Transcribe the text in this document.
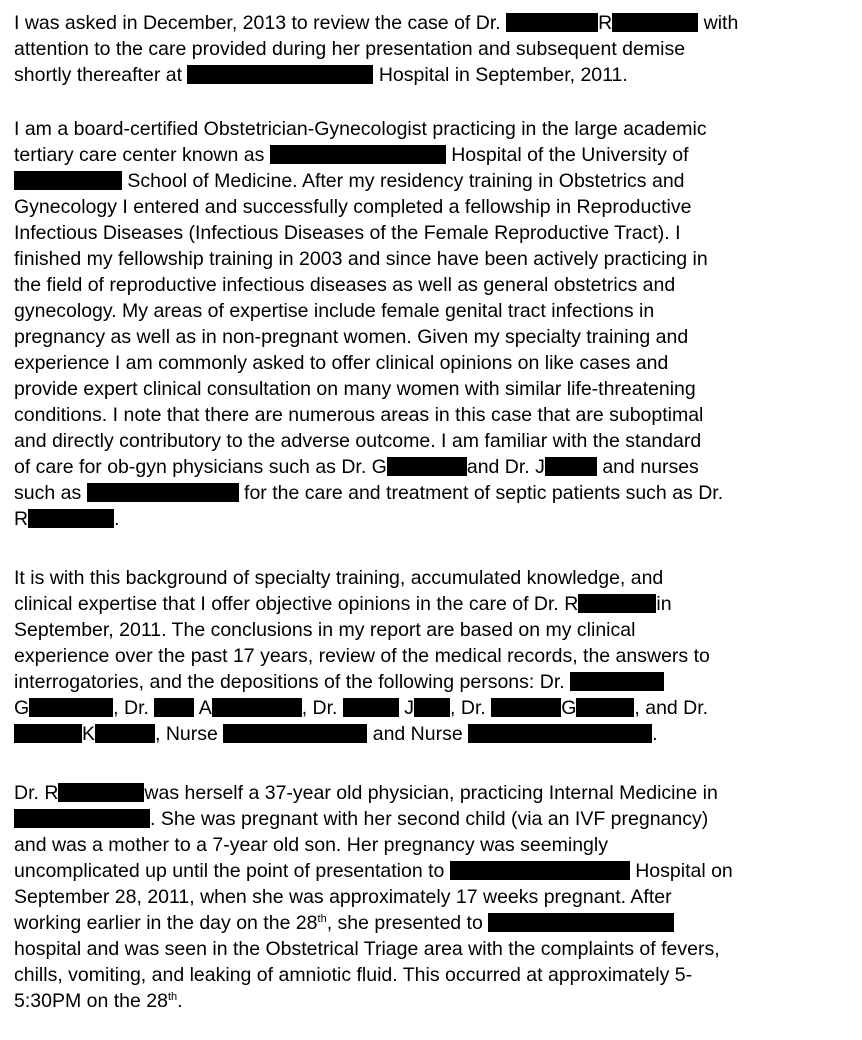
I was asked in December, 2013 to review the case of Dr.	R	with
attention to the care provided during her presentation and subsequent demise
shortly thereafter at	Hospital in September, 2011.
I am a board-certified Obstetrician-Gynecologist practicing in the large academic
tertiary care center known as	Hospital of the University of
School of Medicine. After my residency training in Obstetrics and
Gynecology I entered and successfully completed a fellowship in Reproductive
Infectious Diseases (Infectious Diseases of the Female Reproductive Tract). I
finished my fellowship training in 2003 and since have been actively practicing in
the field of reproductive infectious diseases as well as general obstetrics and
gynecology. My areas of expertise include female genital tract infections in
pregnancy as well as in non-pregnant women. Given my specialty training and
experience I am commonly asked to offer clinical opinions on like cases and
provide expert clinical consultation on many women with similar life-threatening
conditions. I note that there are numerous areas in this case that are suboptimal
and directly contributory to the adverse outcome. I am familiar with the standard
of care for ob-gyn physicians such as Dr. G	and Dr. J	and nurses
such as	for the care and treatment of septic patients such as Dr.
R	.
It is with this background of specialty training, accumulated knowledge, and
clinical expertise that I offer objective opinions in the care of Dr. R	in
September, 2011. The conclusions in my report are based on my clinical
experience over the past 17 years, review of the medical records, the answers to
interrogatories, and the depositions of the following persons: Dr.
G	, Dr.  A	, Dr.	J , Dr.	G	, and Dr.
K	, Nurse	and Nurse	.
Dr. R	was herself a 37-year old physician, practicing Internal Medicine in
. She was pregnant with her second child (via an IVF pregnancy)
and was a mother to a 7-year old son. Her pregnancy was seemingly
uncomplicated up until the point of presentation to	Hospital on
September 28, 2011, when she was approximately 17 weeks pregnant. After
working earlier in the day on the 28th, she presented to
hospital and was seen in the Obstetrical Triage area with the complaints of fevers,
chills, vomiting, and leaking of amniotic fluid. This occurred at approximately 5-
5:30PM on the 28th.
